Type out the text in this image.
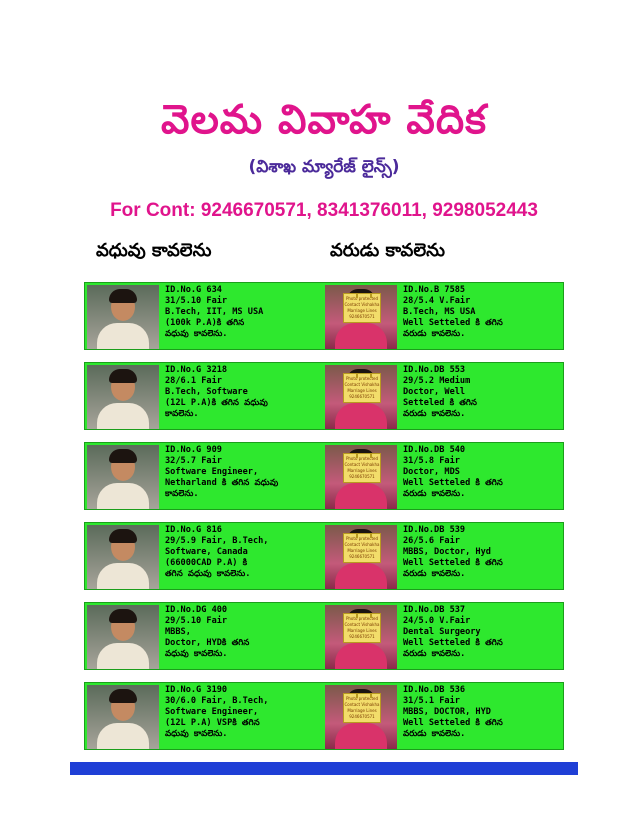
వెలమ వివాహ వేదిక
(విశాఖ మ్యారేజ్ లైన్స్)
For Cont: 9246670571, 8341376011, 9298052443
వధువు కావలెను	వరుడు కావలెను
ID.No.G 634
31/5.10 Fair
B.Tech, IIT, MS USA
(100k P.A)కి తగిన
వధువు కావలెను.
Photo protected
Contact Vishakha
Marriage Lines
9246670571
ID.No.B 7585
28/5.4 V.Fair
B.Tech, MS USA
Well Setteled కి తగిన
వరుడు కావలెను.
ID.No.G 3218
28/6.1 Fair
B.Tech, Software
(12L P.A)కి తగిన వధువు
కావలెను.
Photo protected
Contact Vishakha
Marriage Lines
9246670571
ID.No.DB 553
29/5.2 Medium
Doctor, Well
Setteled కి తగిన
వరుడు కావలెను.
ID.No.G 909
32/5.7 Fair
Software Engineer,
Netharland కి తగిన వధువు
కావలెను.
Photo protected
Contact Vishakha
Marriage Lines
9246670571
ID.No.DB 540
31/5.8 Fair
Doctor, MDS
Well Setteled కి తగిన
వరుడు కావలెను.
ID.No.G 816
29/5.9 Fair, B.Tech,
Software, Canada
(66000CAD P.A) కి
తగిన వధువు కావలెను.
Photo protected
Contact Vishakha
Marriage Lines
9246670571
ID.No.DB 539
26/5.6 Fair
MBBS, Doctor, Hyd
Well Setteled కి తగిన
వరుడు కావలెను.
ID.No.DG 400
29/5.10 Fair
MBBS,
Doctor, HYDకి తగిన
వధువు కావలెను.
Photo protected
Contact Vishakha
Marriage Lines
9246670571
ID.No.DB 537
24/5.0 V.Fair
Dental Surgeory
Well Setteled కి తగిన
వరుడు కావలెను.
ID.No.G 3190
30/6.0 Fair, B.Tech,
Software Engineer,
(12L P.A) VSPకి తగిన
వధువు కావలెను.
Photo protected
Contact Vishakha
Marriage Lines
9246670571
ID.No.DB 536
31/5.1 Fair
MBBS, DOCTOR, HYD
Well Setteled కి తగిన
వరుడు కావలెను.
